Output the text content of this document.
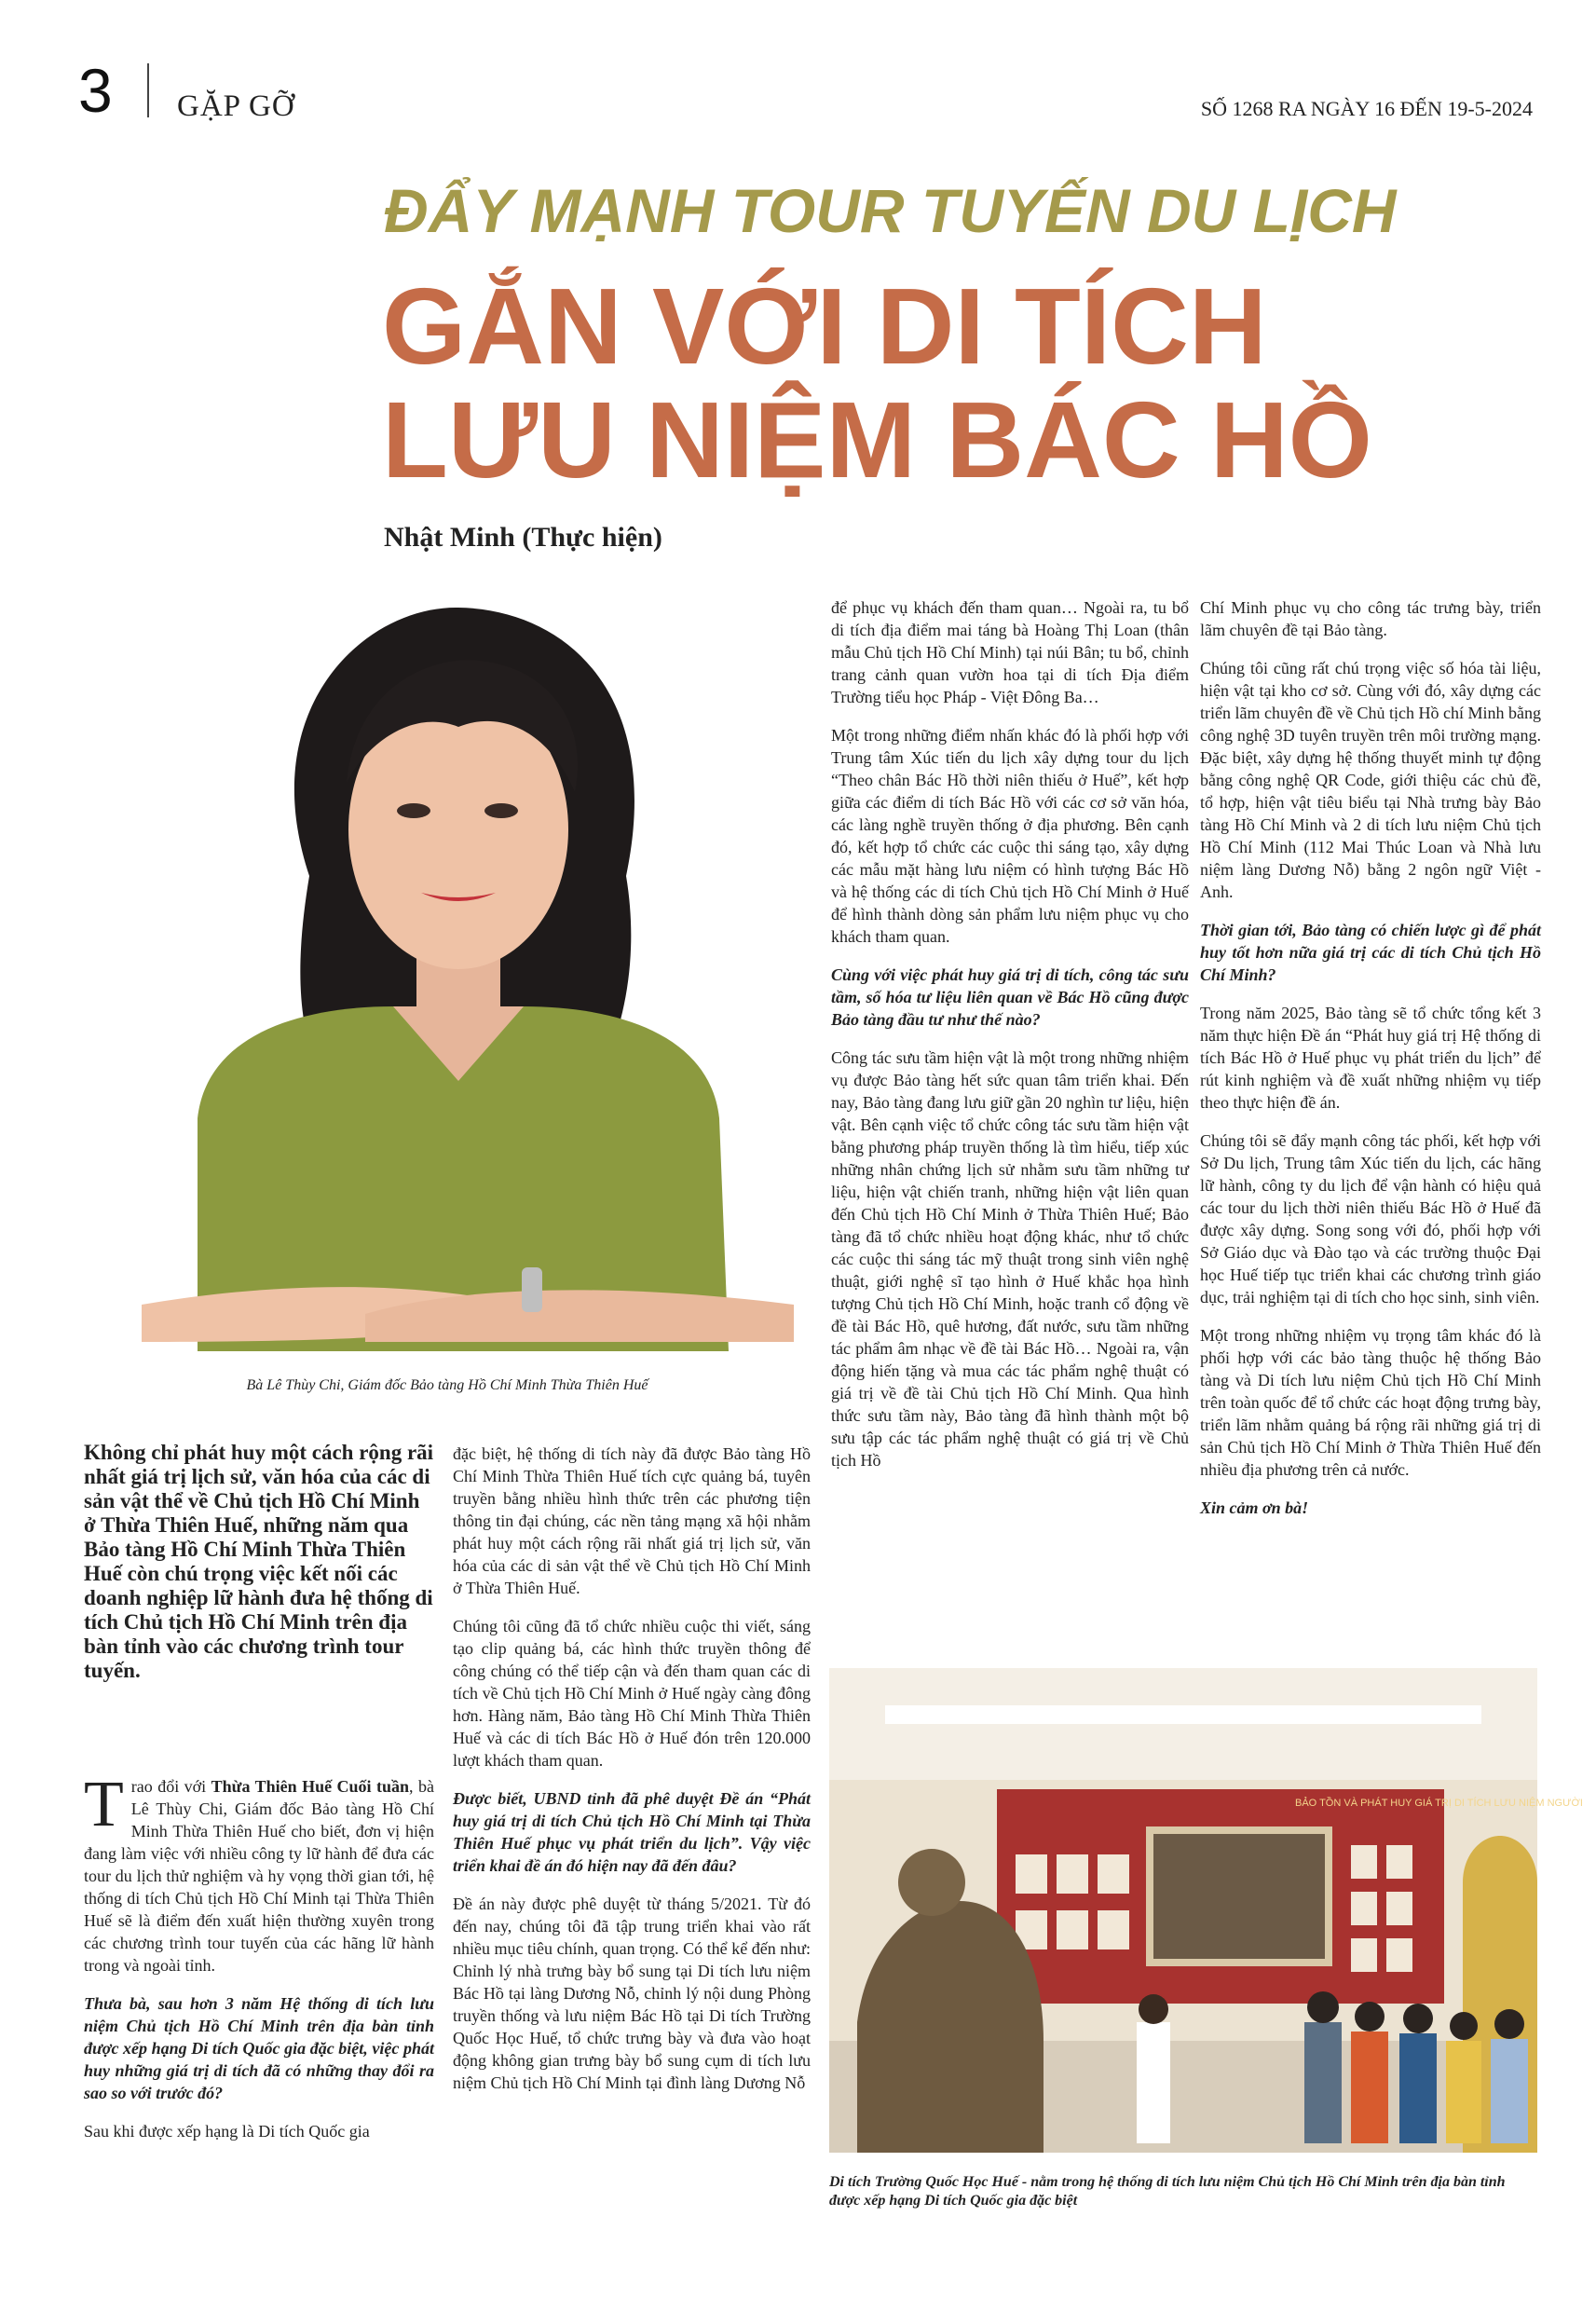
3 GẶP GỠ	SỐ 1268 RA NGÀY 16 ĐẾN 19-5-2024
ĐẨY MẠNH TOUR TUYẾN DU LỊCH
GẮN VỚI DI TÍCH
LƯU NIỆM BÁC HỒ
Nhật Minh (Thực hiện)
Bà Lê Thùy Chi, Giám đốc Bảo tàng Hồ Chí Minh Thừa Thiên Huế
Không chỉ phát huy một cách rộng rãi nhất giá trị lịch sử, văn hóa của các di sản vật thể về Chủ tịch Hồ Chí Minh ở Thừa Thiên Huế, những năm qua Bảo tàng Hồ Chí Minh Thừa Thiên Huế còn chú trọng việc kết nối các doanh nghiệp lữ hành đưa hệ thống di tích Chủ tịch Hồ Chí Minh trên địa bàn tỉnh vào các chương trình tour tuyến.

Trao đổi với Thừa Thiên Huế Cuối tuần, bà Lê Thùy Chi, Giám đốc Bảo tàng Hồ Chí Minh Thừa Thiên Huế cho biết, đơn vị hiện đang làm việc với nhiều công ty lữ hành để đưa các tour du lịch thử nghiệm và hy vọng thời gian tới, hệ thống di tích Chủ tịch Hồ Chí Minh tại Thừa Thiên Huế sẽ là điểm đến xuất hiện thường xuyên trong các chương trình tour tuyến của các hãng lữ hành trong và ngoài tỉnh.

Thưa bà, sau hơn 3 năm Hệ thống di tích lưu niệm Chủ tịch Hồ Chí Minh trên địa bàn tỉnh được xếp hạng Di tích Quốc gia đặc biệt, việc phát huy những giá trị di tích đã có những thay đổi ra sao so với trước đó?

Sau khi được xếp hạng là Di tích Quốc gia

đặc biệt, hệ thống di tích này đã được Bảo tàng Hồ Chí Minh Thừa Thiên Huế tích cực quảng bá, tuyên truyền bằng nhiều hình thức trên các phương tiện thông tin đại chúng, các nền tảng mạng xã hội nhằm phát huy một cách rộng rãi nhất giá trị lịch sử, văn hóa của các di sản vật thể về Chủ tịch Hồ Chí Minh ở Thừa Thiên Huế.

Chúng tôi cũng đã tổ chức nhiều cuộc thi viết, sáng tạo clip quảng bá, các hình thức truyền thông để công chúng có thể tiếp cận và đến tham quan các di tích về Chủ tịch Hồ Chí Minh ở Huế ngày càng đông hơn. Hàng năm, Bảo tàng Hồ Chí Minh Thừa Thiên Huế và các di tích Bác Hồ ở Huế đón trên 120.000 lượt khách tham quan.

Được biết, UBND tỉnh đã phê duyệt Đề án “Phát huy giá trị di tích Chủ tịch Hồ Chí Minh tại Thừa Thiên Huế phục vụ phát triển du lịch”. Vậy việc triển khai đề án đó hiện nay đã đến đâu?

Đề án này được phê duyệt từ tháng 5/2021. Từ đó đến nay, chúng tôi đã tập trung triển khai vào rất nhiều mục tiêu chính, quan trọng. Có thể kể đến như: Chỉnh lý nhà trưng bày bổ sung tại Di tích lưu niệm Bác Hồ tại làng Dương Nỗ, chỉnh lý nội dung Phòng truyền thống và lưu niệm Bác Hồ tại Di tích Trường Quốc Học Huế, tổ chức trưng bày và đưa vào hoạt động không gian trưng bày bổ sung cụm di tích lưu niệm Chủ tịch Hồ Chí Minh tại đình làng Dương Nỗ

để phục vụ khách đến tham quan… Ngoài ra, tu bổ di tích địa điểm mai táng bà Hoàng Thị Loan (thân mẫu Chủ tịch Hồ Chí Minh) tại núi Bân; tu bổ, chỉnh trang cảnh quan vườn hoa tại di tích Địa điểm Trường tiểu học Pháp - Việt Đông Ba…

Một trong những điểm nhấn khác đó là phối hợp với Trung tâm Xúc tiến du lịch xây dựng tour du lịch “Theo chân Bác Hồ thời niên thiếu ở Huế”, kết hợp giữa các điểm di tích Bác Hồ với các cơ sở văn hóa, các làng nghề truyền thống ở địa phương. Bên cạnh đó, kết hợp tổ chức các cuộc thi sáng tạo, xây dựng các mẫu mặt hàng lưu niệm có hình tượng Bác Hồ và hệ thống các di tích Chủ tịch Hồ Chí Minh ở Huế để hình thành dòng sản phẩm lưu niệm phục vụ cho khách tham quan.

Cùng với việc phát huy giá trị di tích, công tác sưu tầm, số hóa tư liệu liên quan về Bác Hồ cũng được Bảo tàng đầu tư như thế nào?

Công tác sưu tầm hiện vật là một trong những nhiệm vụ được Bảo tàng hết sức quan tâm triển khai. Đến nay, Bảo tàng đang lưu giữ gần 20 nghìn tư liệu, hiện vật. Bên cạnh việc tổ chức công tác sưu tầm hiện vật bằng phương pháp truyền thống là tìm hiểu, tiếp xúc những nhân chứng lịch sử nhằm sưu tầm những tư liệu, hiện vật chiến tranh, những hiện vật liên quan đến Chủ tịch Hồ Chí Minh ở Thừa Thiên Huế; Bảo tàng đã tổ chức nhiều hoạt động khác, như tổ chức các cuộc thi sáng tác mỹ thuật trong sinh viên nghệ thuật, giới nghệ sĩ tạo hình ở Huế khắc họa hình tượng Chủ tịch Hồ Chí Minh, hoặc tranh cổ động về đề tài Bác Hồ, quê hương, đất nước, sưu tầm những tác phẩm âm nhạc về đề tài Bác Hồ… Ngoài ra, vận động hiến tặng và mua các tác phẩm nghệ thuật có giá trị về đề tài Chủ tịch Hồ Chí Minh. Qua hình thức sưu tầm này, Bảo tàng đã hình thành một bộ sưu tập các tác phẩm nghệ thuật có giá trị về Chủ tịch Hồ

Chí Minh phục vụ cho công tác trưng bày, triển lãm chuyên đề tại Bảo tàng.

Chúng tôi cũng rất chú trọng việc số hóa tài liệu, hiện vật tại kho cơ sở. Cùng với đó, xây dựng các triển lãm chuyên đề về Chủ tịch Hồ chí Minh bằng công nghệ 3D tuyên truyền trên môi trường mạng. Đặc biệt, xây dựng hệ thống thuyết minh tự động bằng công nghệ QR Code, giới thiệu các chủ đề, tổ hợp, hiện vật tiêu biểu tại Nhà trưng bày Bảo tàng Hồ Chí Minh và 2 di tích lưu niệm Chủ tịch Hồ Chí Minh (112 Mai Thúc Loan và Nhà lưu niệm làng Dương Nỗ) bằng 2 ngôn ngữ Việt - Anh.

Thời gian tới, Bảo tàng có chiến lược gì để phát huy tốt hơn nữa giá trị các di tích Chủ tịch Hồ Chí Minh?

Trong năm 2025, Bảo tàng sẽ tổ chức tổng kết 3 năm thực hiện Đề án “Phát huy giá trị Hệ thống di tích Bác Hồ ở Huế phục vụ phát triển du lịch” để rút kinh nghiệm và đề xuất những nhiệm vụ tiếp theo thực hiện đề án.

Chúng tôi sẽ đẩy mạnh công tác phối, kết hợp với Sở Du lịch, Trung tâm Xúc tiến du lịch, các hãng lữ hành, công ty du lịch để vận hành có hiệu quả các tour du lịch thời niên thiếu Bác Hồ ở Huế đã được xây dựng. Song song với đó, phối hợp với Sở Giáo dục và Đào tạo và các trường thuộc Đại học Huế tiếp tục triển khai các chương trình giáo dục, trải nghiệm tại di tích cho học sinh, sinh viên.

Một trong những nhiệm vụ trọng tâm khác đó là phối hợp với các bảo tàng thuộc hệ thống Bảo tàng và Di tích lưu niệm Chủ tịch Hồ Chí Minh trên toàn quốc để tổ chức các hoạt động trưng bày, triển lãm nhằm quảng bá rộng rãi những giá trị di sản Chủ tịch Hồ Chí Minh ở Thừa Thiên Huế đến nhiều địa phương trên cả nước.

Xin cảm ơn bà!

BẢO TỒN VÀ PHÁT HUY GIÁ TRỊ DI TÍCH LƯU NIỆM NGƯỜI
Di tích Trường Quốc Học Huế - nằm trong hệ thống di tích lưu niệm Chủ tịch Hồ Chí Minh trên địa bàn tỉnh được xếp hạng Di tích Quốc gia đặc biệt
